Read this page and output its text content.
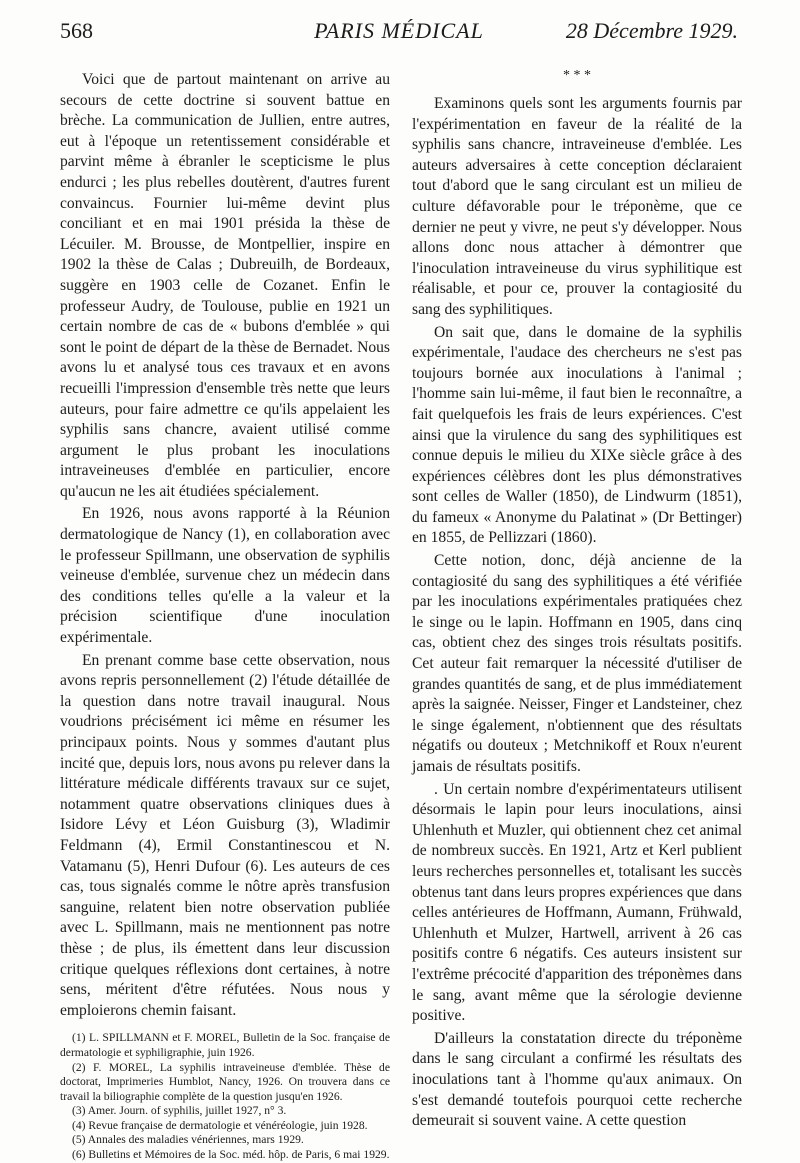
568	PARIS MÉDICAL	28 Décembre 1929.

Voici que de partout maintenant on arrive au secours de cette doctrine si souvent battue en brèche. La communication de Jullien, entre autres, eut à l'époque un retentissement considérable et parvint même à ébranler le scepticisme le plus endurci ; les plus rebelles doutèrent, d'autres furent convaincus. Fournier lui-même devint plus conciliant et en mai 1901 présida la thèse de Lécuiler. M. Brousse, de Montpellier, inspire en 1902 la thèse de Calas ; Dubreuilh, de Bordeaux, suggère en 1903 celle de Cozanet. Enfin le professeur Audry, de Toulouse, publie en 1921 un certain nombre de cas de « bubons d'emblée » qui sont le point de départ de la thèse de Bernadet. Nous avons lu et analysé tous ces travaux et en avons recueilli l'impression d'ensemble très nette que leurs auteurs, pour faire admettre ce qu'ils appelaient les syphilis sans chancre, avaient utilisé comme argument le plus probant les inoculations intraveineuses d'emblée en particulier, encore qu'aucun ne les ait étudiées spécialement.

En 1926, nous avons rapporté à la Réunion dermatologique de Nancy (1), en collaboration avec le professeur Spillmann, une observation de syphilis veineuse d'emblée, survenue chez un médecin dans des conditions telles qu'elle a la valeur et la précision scientifique d'une inoculation expérimentale.

En prenant comme base cette observation, nous avons repris personnellement (2) l'étude détaillée de la question dans notre travail inaugural. Nous voudrions précisément ici même en résumer les principaux points. Nous y sommes d'autant plus incité que, depuis lors, nous avons pu relever dans la littérature médicale différents travaux sur ce sujet, notamment quatre observations cliniques dues à Isidore Lévy et Léon Guisburg (3), Wladimir Feldmann (4), Ermil Constantinescou et N. Vatamanu (5), Henri Dufour (6). Les auteurs de ces cas, tous signalés comme le nôtre après transfusion sanguine, relatent bien notre observation publiée avec L. Spillmann, mais ne mentionnent pas notre thèse ; de plus, ils émettent dans leur discussion critique quelques réflexions dont certaines, à notre sens, méritent d'être réfutées. Nous nous y emploierons chemin faisant.

(1) L. SPILLMANN et F. MOREL, Bulletin de la Soc. française de dermatologie et syphiligraphie, juin 1926.

(2) F. MOREL, La syphilis intraveineuse d'emblée. Thèse de doctorat, Imprimeries Humblot, Nancy, 1926. On trouvera dans ce travail la biliographie complète de la question jusqu'en 1926.

(3) Amer. Journ. of syphilis, juillet 1927, n° 3.

(4) Revue française de dermatologie et vénéréologie, juin 1928.

(5) Annales des maladies vénériennes, mars 1929.

(6) Bulletins et Mémoires de la Soc. méd. hôp. de Paris, 6 mai 1929.

* * *

Examinons quels sont les arguments fournis par l'expérimentation en faveur de la réalité de la syphilis sans chancre, intraveineuse d'emblée. Les auteurs adversaires à cette conception déclaraient tout d'abord que le sang circulant est un milieu de culture défavorable pour le tréponème, que ce dernier ne peut y vivre, ne peut s'y développer. Nous allons donc nous attacher à démontrer que l'inoculation intraveineuse du virus syphilitique est réalisable, et pour ce, prouver la contagiosité du sang des syphilitiques.

On sait que, dans le domaine de la syphilis expérimentale, l'audace des chercheurs ne s'est pas toujours bornée aux inoculations à l'animal ; l'homme sain lui-même, il faut bien le reconnaître, a fait quelquefois les frais de leurs expériences. C'est ainsi que la virulence du sang des syphilitiques est connue depuis le milieu du XIXe siècle grâce à des expériences célèbres dont les plus démonstratives sont celles de Waller (1850), de Lindwurm (1851), du fameux « Anonyme du Palatinat » (Dr Bettinger) en 1855, de Pellizzari (1860).

Cette notion, donc, déjà ancienne de la contagiosité du sang des syphilitiques a été vérifiée par les inoculations expérimentales pratiquées chez le singe ou le lapin. Hoffmann en 1905, dans cinq cas, obtient chez des singes trois résultats positifs. Cet auteur fait remarquer la nécessité d'utiliser de grandes quantités de sang, et de plus immédiatement après la saignée. Neisser, Finger et Landsteiner, chez le singe également, n'obtiennent que des résultats négatifs ou douteux ; Metchnikoff et Roux n'eurent jamais de résultats positifs.

. Un certain nombre d'expérimentateurs utilisent désormais le lapin pour leurs inoculations, ainsi Uhlenhuth et Muzler, qui obtiennent chez cet animal de nombreux succès. En 1921, Artz et Kerl publient leurs recherches personnelles et, totalisant les succès obtenus tant dans leurs propres expériences que dans celles antérieures de Hoffmann, Aumann, Frühwald, Uhlenhuth et Mulzer, Hartwell, arrivent à 26 cas positifs contre 6 négatifs. Ces auteurs insistent sur l'extrême précocité d'apparition des tréponèmes dans le sang, avant même que la sérologie devienne positive.

D'ailleurs la constatation directe du tréponème dans le sang circulant a confirmé les résultats des inoculations tant à l'homme qu'aux animaux. On s'est demandé toutefois pourquoi cette recherche demeurait si souvent vaine. A cette question
